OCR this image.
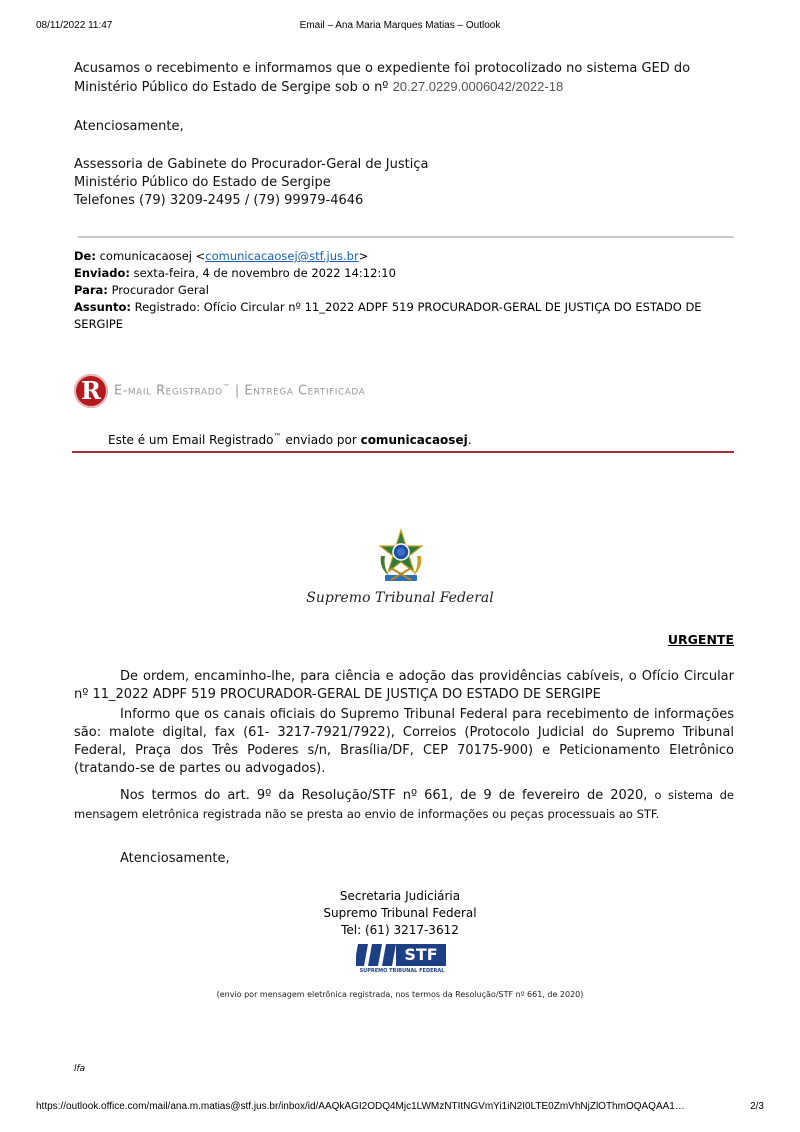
08/11/2022 11:47	Email – Ana Maria Marques Matias – Outlook
Acusamos o recebimento e informamos que o expediente foi protocolizado no sistema GED do
Ministério Público do Estado de Sergipe sob o nº 20.27.0229.0006042/2022-18
Atenciosamente,
Assessoria de Gabinete do Procurador-Geral de Justiça
Ministério Público do Estado de Sergipe
Telefones (79) 3209-2495 / (79) 99979-4646
De: comunicacaosej <comunicacaosej@stf.jus.br>
Enviado: sexta-feira, 4 de novembro de 2022 14:12:10
Para: Procurador Geral
Assunto: Registrado: Ofício Circular nº 11_2022 ADPF 519 PROCURADOR-GERAL DE JUSTIÇA DO ESTADO DE SERGIPE
R	E-mail Registrado™ | Entrega Certificada
Este é um Email Registrado™ enviado por comunicacaosej.
Supremo Tribunal Federal
URGENTE
De ordem, encaminho-lhe, para ciência e adoção das providências cabíveis, o Ofício Circular nº 11_2022 ADPF 519 PROCURADOR-GERAL DE JUSTIÇA DO ESTADO DE SERGIPE
Informo que os canais oficiais do Supremo Tribunal Federal para recebimento de informações são: malote digital, fax (61- 3217-7921/7922), Correios (Protocolo Judicial do Supremo Tribunal Federal, Praça dos Três Poderes s/n, Brasília/DF, CEP 70175-900) e Peticionamento Eletrônico (tratando-se de partes ou advogados).
Nos termos do art. 9º da Resolução/STF nº 661, de 9 de fevereiro de 2020, o sistema de mensagem eletrônica registrada não se presta ao envio de informações ou peças processuais ao STF.
Atenciosamente,
Secretaria Judiciária
Supremo Tribunal Federal
Tel: (61) 3217-3612
STF
SUPREMO TRIBUNAL FEDERAL
(envio por mensagem eletrônica registrada, nos termos da Resolução/STF nº 661, de 2020)
lfa
https://outlook.office.com/mail/ana.m.matias@stf.jus.br/inbox/id/AAQkAGI2ODQ4Mjc1LWMzNTItNGVmYi1iN2I0LTE0ZmVhNjZlOThmOQAQAA1…	2/3
